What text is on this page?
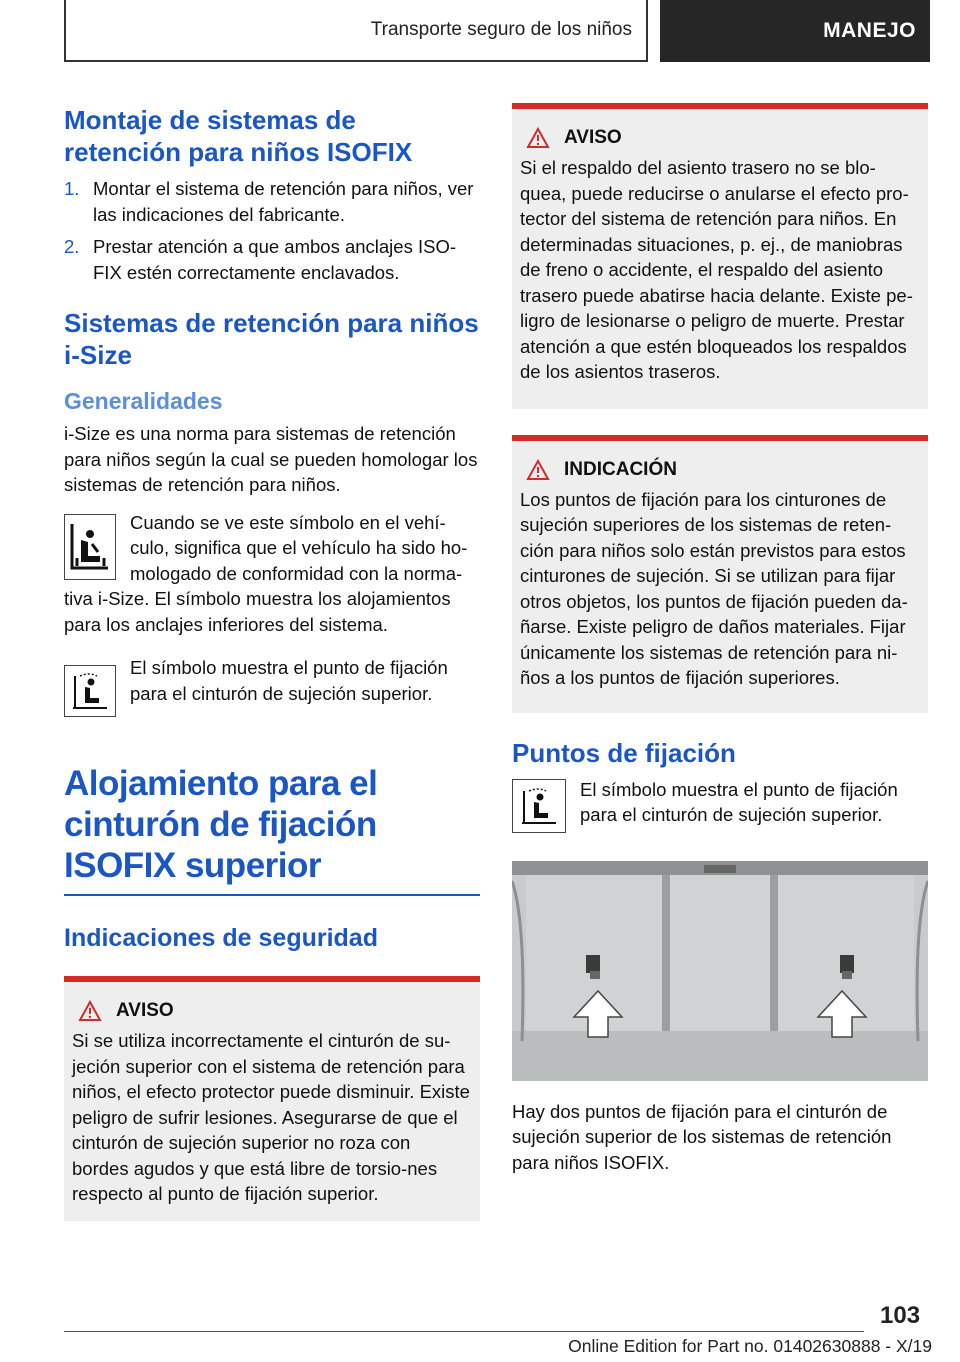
Transporte seguro de los niños	MANEJO
Montaje de sistemas de retención para niños ISOFIX
1. Montar el sistema de retención para niños, ver las indicaciones del fabricante.
2. Prestar atención a que ambos anclajes ISO‐FIX estén correctamente enclavados.
Sistemas de retención para niños i-Size
Generalidades

i-Size es una norma para sistemas de retención para niños según la cual se pueden homologar los sistemas de retención para niños.

Cuando se ve este símbolo en el vehí‐culo, significa que el vehículo ha sido ho‐mologado de conformidad con la norma‐tiva i-Size. El símbolo muestra los alojamientos para los anclajes inferiores del sistema.

El símbolo muestra el punto de fijación para el cinturón de sujeción superior.

Alojamiento para el cinturón de fijación ISOFIX superior
Indicaciones de seguridad
AVISO

Si se utiliza incorrectamente el cinturón de su‐jeción superior con el sistema de retención para niños, el efecto protector puede disminuir. Existe peligro de sufrir lesiones. Asegurarse de que el cinturón de sujeción superior no roza con bordes agudos y que está libre de torsio‐nes respecto al punto de fijación superior.

AVISO

Si el respaldo del asiento trasero no se blo‐quea, puede reducirse o anularse el efecto pro‐tector del sistema de retención para niños. En determinadas situaciones, p. ej., de maniobras de freno o accidente, el respaldo del asiento trasero puede abatirse hacia delante. Existe pe‐ligro de lesionarse o peligro de muerte. Prestar atención a que estén bloqueados los respaldos de los asientos traseros.

INDICACIÓN

Los puntos de fijación para los cinturones de sujeción superiores de los sistemas de reten‐ción para niños solo están previstos para estos cinturones de sujeción. Si se utilizan para fijar otros objetos, los puntos de fijación pueden da‐ñarse. Existe peligro de daños materiales. Fijar únicamente los sistemas de retención para ni‐ños a los puntos de fijación superiores.

Puntos de fijación

El símbolo muestra el punto de fijación para el cinturón de sujeción superior.

Hay dos puntos de fijación para el cinturón de sujeción superior de los sistemas de retención para niños ISOFIX.

103
Online Edition for Part no. 01402630888 - X/19
